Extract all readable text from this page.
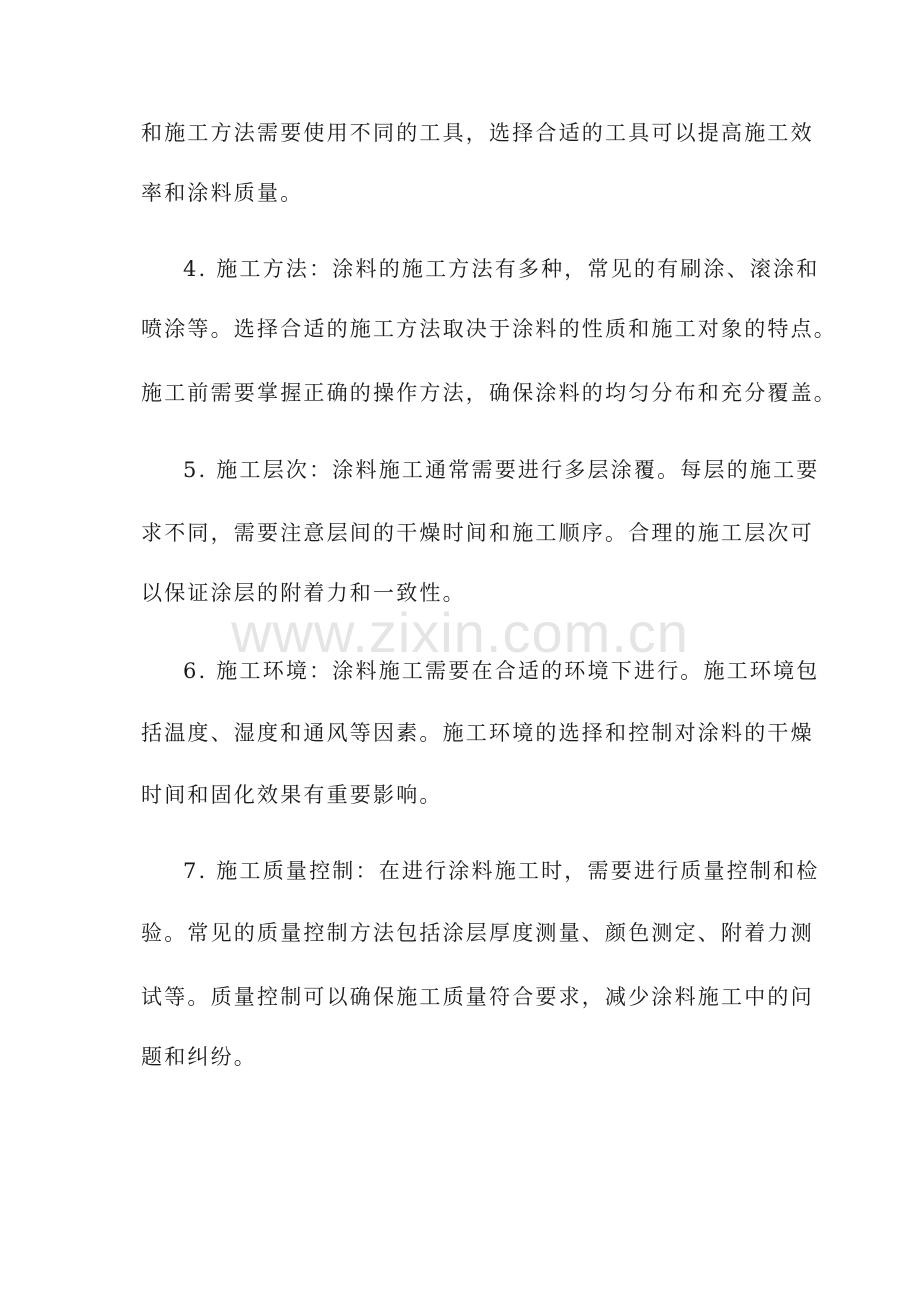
和施工方法需要使用不同的工具，选择合适的工具可以提高施工效
率和涂料质量。
4. 施工方法：涂料的施工方法有多种，常见的有刷涂、滚涂和
喷涂等。选择合适的施工方法取决于涂料的性质和施工对象的特点。
施工前需要掌握正确的操作方法，确保涂料的均匀分布和充分覆盖。
5. 施工层次：涂料施工通常需要进行多层涂覆。每层的施工要
求不同，需要注意层间的干燥时间和施工顺序。合理的施工层次可
以保证涂层的附着力和一致性。
6. 施工环境：涂料施工需要在合适的环境下进行。施工环境包
括温度、湿度和通风等因素。施工环境的选择和控制对涂料的干燥
时间和固化效果有重要影响。
7. 施工质量控制：在进行涂料施工时，需要进行质量控制和检
验。常见的质量控制方法包括涂层厚度测量、颜色测定、附着力测
试等。质量控制可以确保施工质量符合要求，减少涂料施工中的问
题和纠纷。
www.zixin.com.cn
